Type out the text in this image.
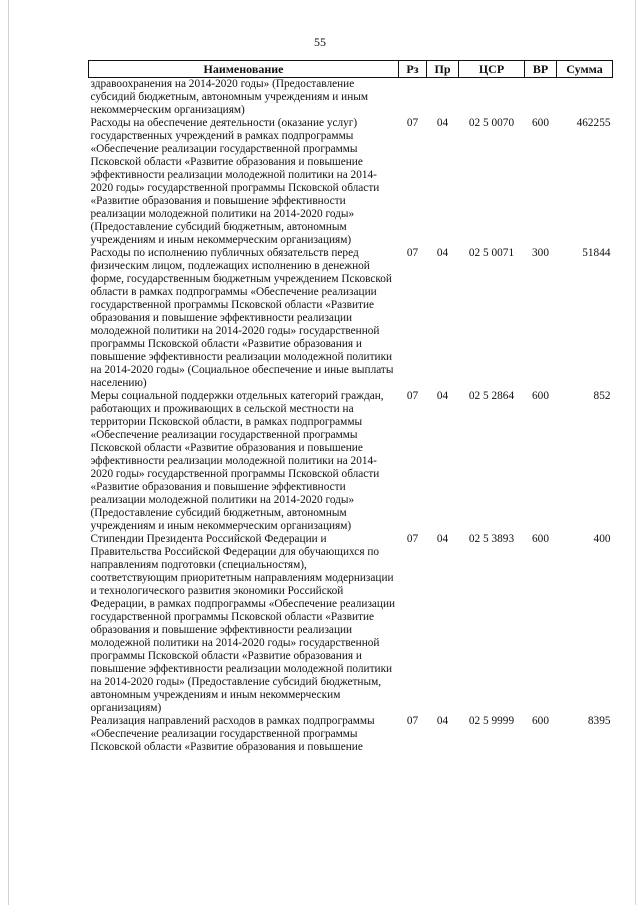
55
Наименование	Рз	Пр	ЦСР	ВР	Сумма
здравоохранения на 2014-2020 годы» (Предоставление субсидий бюджетным, автономным учреждениям и иным некоммерческим организациям)					
Расходы на обеспечение деятельности (оказание услуг) государственных учреждений в рамках подпрограммы «Обеспечение реализации государственной программы Псковской области «Развитие образования и повышение эффективности реализации молодежной политики на 2014-2020 годы» государственной программы Псковской области «Развитие образования и повышение эффективности реализации молодежной политики на 2014-2020 годы» (Предоставление субсидий бюджетным, автономным учреждениям и иным некоммерческим организациям)	07	04	02 5 0070	600	462255
Расходы по исполнению публичных обязательств перед физическим лицом, подлежащих исполнению в денежной форме, государственным бюджетным учреждением Псковской области в рамках подпрограммы «Обеспечение реализации государственной программы Псковской области «Развитие образования и повышение эффективности реализации молодежной политики на 2014-2020 годы» государственной программы Псковской области «Развитие образования и повышение эффективности реализации молодежной политики на 2014-2020 годы» (Социальное обеспечение и иные выплаты населению)	07	04	02 5 0071	300	51844
Меры социальной поддержки отдельных категорий граждан, работающих и проживающих в сельской местности на территории Псковской области, в рамках подпрограммы «Обеспечение реализации государственной программы Псковской области «Развитие образования и повышение эффективности реализации молодежной политики на 2014-2020 годы» государственной программы Псковской области «Развитие образования и повышение эффективности реализации молодежной политики на 2014-2020 годы» (Предоставление субсидий бюджетным, автономным учреждениям и иным некоммерческим организациям)	07	04	02 5 2864	600	852
Стипендии Президента Российской Федерации и Правительства Российской Федерации для обучающихся по направлениям подготовки (специальностям), соответствующим приоритетным направлениям модернизации и технологического развития экономики Российской Федерации, в рамках подпрограммы «Обеспечение реализации государственной программы Псковской области «Развитие образования и повышение эффективности реализации молодежной политики на 2014-2020 годы» государственной программы Псковской области «Развитие образования и повышение эффективности реализации молодежной политики на 2014-2020 годы» (Предоставление субсидий бюджетным, автономным учреждениям и иным некоммерческим организациям)	07	04	02 5 3893	600	400
Реализация направлений расходов в рамках подпрограммы «Обеспечение реализации государственной программы Псковской области «Развитие образования и повышение	07	04	02 5 9999	600	8395
